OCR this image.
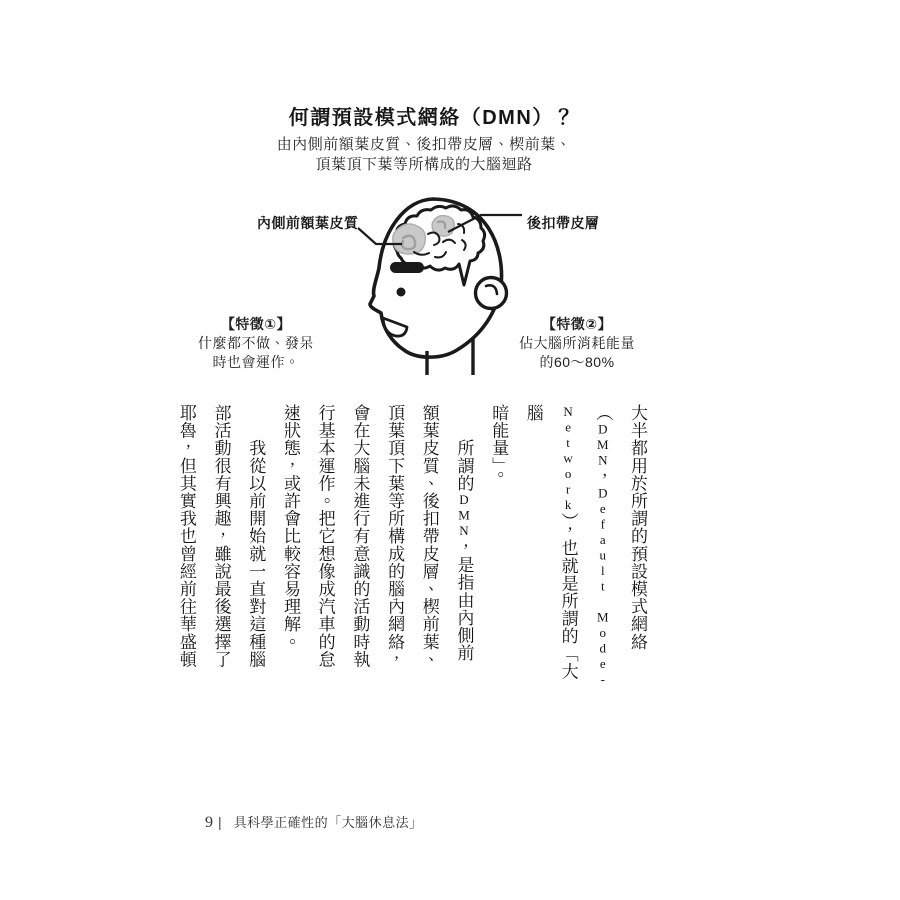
何謂預設模式網絡（DMN）？
由內側前額葉皮質、後扣帶皮層、楔前葉、
頂葉頂下葉等所構成的大腦迴路
內側前額葉皮質	後扣帶皮層
【特徵①】
什麼都不做、發呆
時也會運作。
【特徵②】
佔大腦所消耗能量
的60～80%
大半都用於所謂的預設模式網絡
（DMN，Default Mode-
Network），也就是所謂的「大腦
暗能量」。
　　所謂的DMN，是指由內側前
額葉皮質、後扣帶皮層、楔前葉、
頂葉頂下葉等所構成的腦內網絡，
會在大腦未進行有意識的活動時執
行基本運作。把它想像成汽車的怠
速狀態，或許會比較容易理解。
　　我從以前開始就一直對這種腦
部活動很有興趣，雖說最後選擇了
耶魯，但其實我也曾經前往華盛頓
9 | 具科學正確性的「大腦休息法」
